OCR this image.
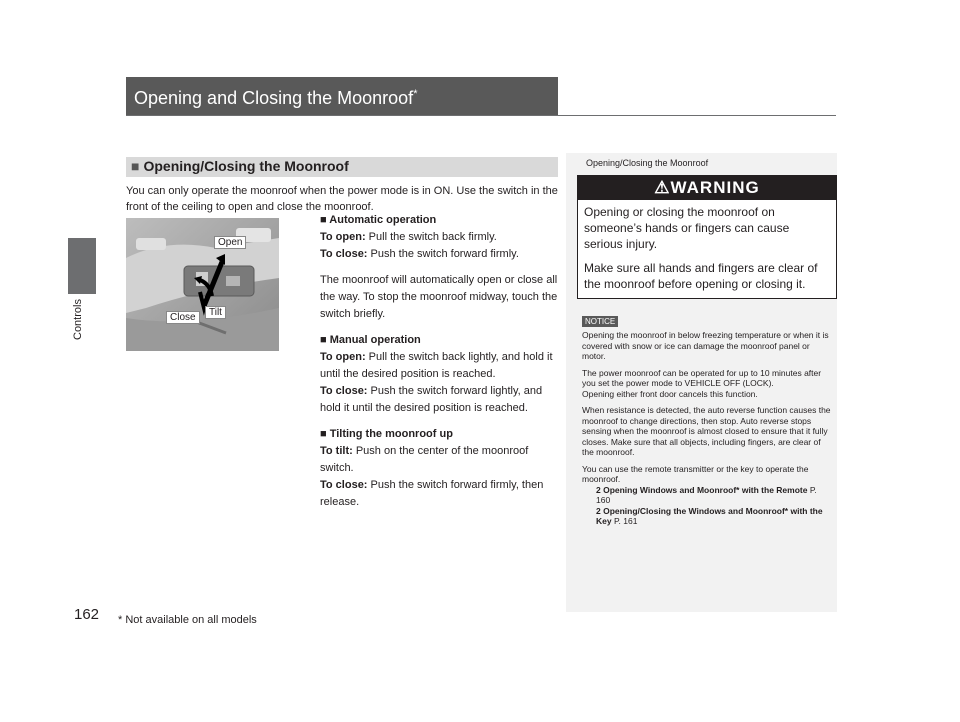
Controls
Opening and Closing the Moonroof*
■ Opening/Closing the Moonroof
You can only operate the moonroof when the power mode is in ON. Use the switch in the front of the ceiling to open and close the moonroof.
Open
Tilt
Close

■ Automatic operation

To open: Pull the switch back firmly.

To close: Push the switch forward firmly.

The moonroof will automatically open or close all the way. To stop the moonroof midway, touch the switch briefly.

■ Manual operation

To open: Pull the switch back lightly, and hold it until the desired position is reached.

To close: Push the switch forward lightly, and hold it until the desired position is reached.

■ Tilting the moonroof up

To tilt: Push on the center of the moonroof switch.

To close: Push the switch forward firmly, then release.

Opening/Closing the Moonroof
⚠WARNING

Opening or closing the moonroof on someone’s hands or fingers can cause serious injury.

Make sure all hands and fingers are clear of the moonroof before opening or closing it.

NOTICE

Opening the moonroof in below freezing temperature or when it is covered with snow or ice can damage the moonroof panel or motor.

The power moonroof can be operated for up to 10 minutes after you set the power mode to VEHICLE OFF (LOCK).
Opening either front door cancels this function.

When resistance is detected, the auto reverse function causes the moonroof to change directions, then stop. Auto reverse stops sensing when the moonroof is almost closed to ensure that it fully closes. Make sure that all objects, including fingers, are clear of the moonroof.

You can use the remote transmitter or the key to operate the moonroof.

2 Opening Windows and Moonroof* with the Remote P. 160

2 Opening/Closing the Windows and Moonroof* with the Key P. 161

162 * Not available on all models
